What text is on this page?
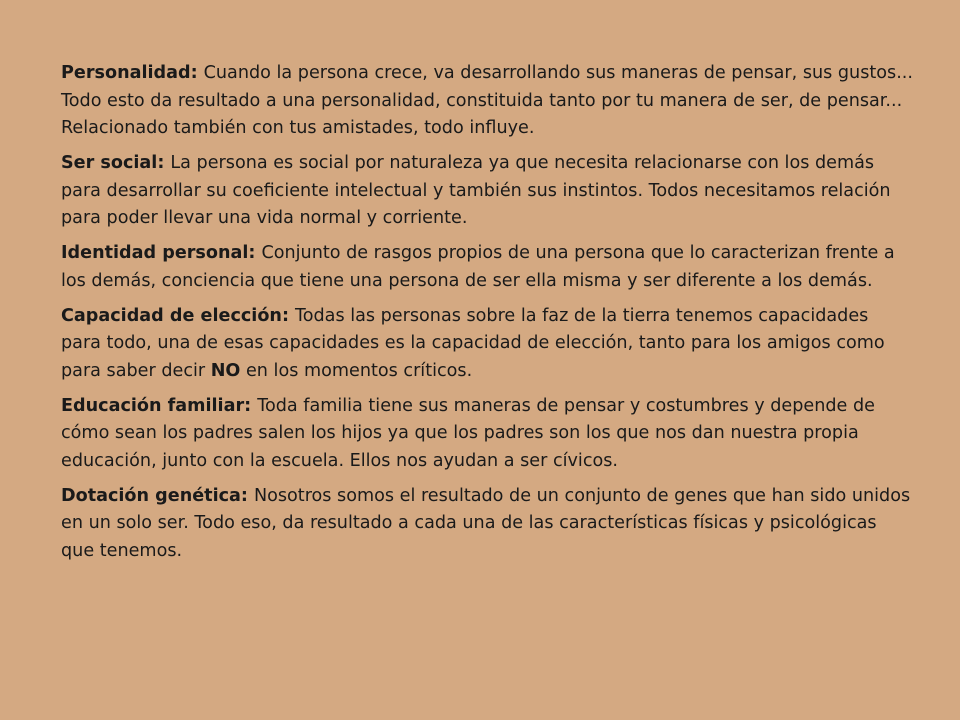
Personalidad: Cuando la persona crece, va desarrollando sus maneras de pensar, sus gustos... Todo esto da resultado a una personalidad, constituida tanto por tu manera de ser, de pensar... Relacionado también con tus amistades, todo influye.

Ser social: La persona es social por naturaleza ya que necesita relacionarse con los demás para desarrollar su coeficiente intelectual y también sus instintos. Todos necesitamos relación para poder llevar una vida normal y corriente.

Identidad personal: Conjunto de rasgos propios de una persona que lo caracterizan frente a los demás, conciencia que tiene una persona de ser ella misma y ser diferente a los demás.

Capacidad de elección: Todas las personas sobre la faz de la tierra tenemos capacidades para todo, una de esas capacidades es la capacidad de elección, tanto para los amigos como para saber decir NO en los momentos críticos.

Educación familiar: Toda familia tiene sus maneras de pensar y costumbres y depende de cómo sean los padres salen los hijos ya que los padres son los que nos dan nuestra propia educación, junto con la escuela. Ellos nos ayudan a ser cívicos.

Dotación genética: Nosotros somos el resultado de un conjunto de genes que han sido unidos en un solo ser. Todo eso, da resultado a cada una de las características físicas y psicológicas que tenemos.
